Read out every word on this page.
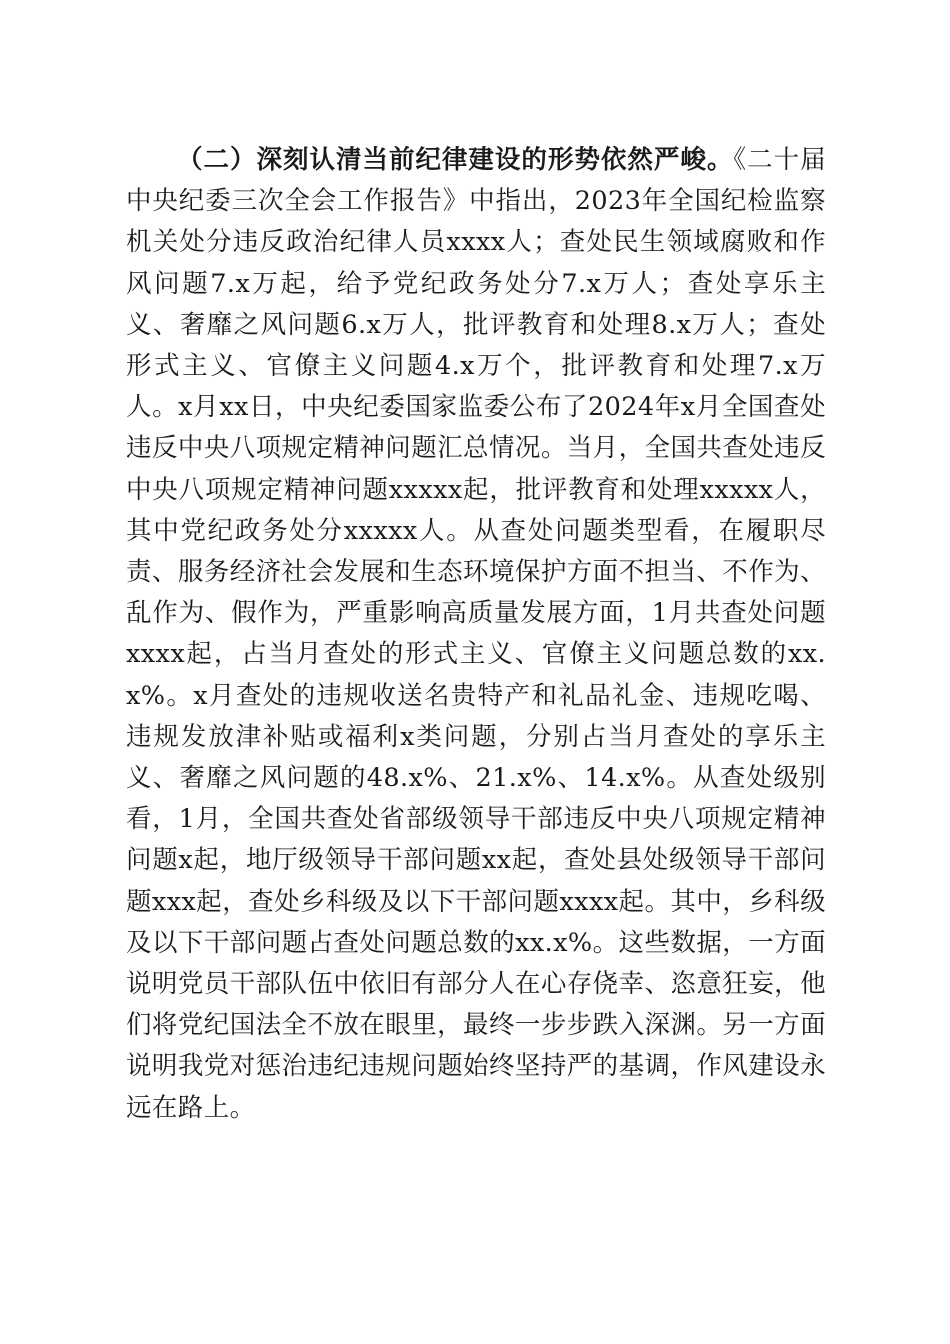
（二）深刻认清当前纪律建设的形势依然严峻。《二十届中央纪委三次全会工作报告》中指出，2023年全国纪检监察机关处分违反政治纪律人员xxxx人；查处民生领域腐败和作风问题7.x万起，给予党纪政务处分7.x万人；查处享乐主义、奢靡之风问题6.x万人，批评教育和处理8.x万人；查处形式主义、官僚主义问题4.x万个，批评教育和处理7.x万人。x月xx日，中央纪委国家监委公布了2024年x月全国查处违反中央八项规定精神问题汇总情况。当月，全国共查处违反中央八项规定精神问题xxxxx起，批评教育和处理xxxxx人，其中党纪政务处分xxxxx人。从查处问题类型看，在履职尽责、服务经济社会发展和生态环境保护方面不担当、不作为、乱作为、假作为，严重影响高质量发展方面，1月共查处问题xxxx起，占当月查处的形式主义、官僚主义问题总数的xx.x%。x月查处的违规收送名贵特产和礼品礼金、违规吃喝、违规发放津补贴或福利x类问题，分别占当月查处的享乐主义、奢靡之风问题的48.x%、21.x%、14.x%。从查处级别看，1月，全国共查处省部级领导干部违反中央八项规定精神问题x起，地厅级领导干部问题xx起，查处县处级领导干部问题xxx起，查处乡科级及以下干部问题xxxx起。其中，乡科级及以下干部问题占查处问题总数的xx.x%。这些数据，一方面说明党员干部队伍中依旧有部分人在心存侥幸、恣意狂妄，他们将党纪国法全不放在眼里，最终一步步跌入深渊。另一方面说明我党对惩治违纪违规问题始终坚持严的基调，作风建设永远在路上。
